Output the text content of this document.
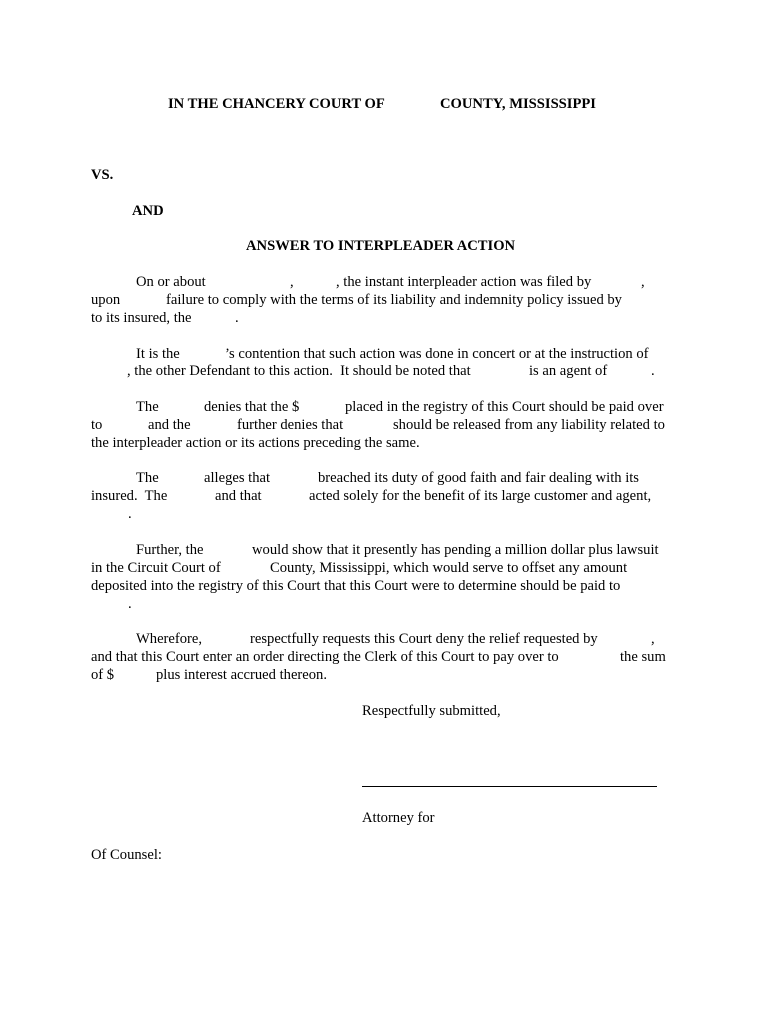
IN THE CHANCERY COURT OF	COUNTY, MISSISSIPPI
VS.
AND
ANSWER TO INTERPLEADER ACTION
On or about	,	, the instant interpleader action was filed by	,
upon	failure to comply with the terms of its liability and indemnity policy issued by
to its insured, the	.
It is the	’s contention that such action was done in concert or at the instruction of
, the other Defendant to this action.  It should be noted that	is an agent of	.
The	denies that the $	placed in the registry of this Court should be paid over
to	and the	further denies that	should be released from any liability related to
the interpleader action or its actions preceding the same.
The	alleges that	breached its duty of good faith and fair dealing with its
insured.  The	and that	acted solely for the benefit of its large customer and agent,
.
Further, the	would show that it presently has pending a million dollar plus lawsuit
in the Circuit Court of	County, Mississippi, which would serve to offset any amount
deposited into the registry of this Court that this Court were to determine should be paid to
.
Wherefore,	respectfully requests this Court deny the relief requested by	,
and that this Court enter an order directing the Clerk of this Court to pay over to	the sum
of $	plus interest accrued thereon.
Respectfully submitted,
Attorney for
Of Counsel:
